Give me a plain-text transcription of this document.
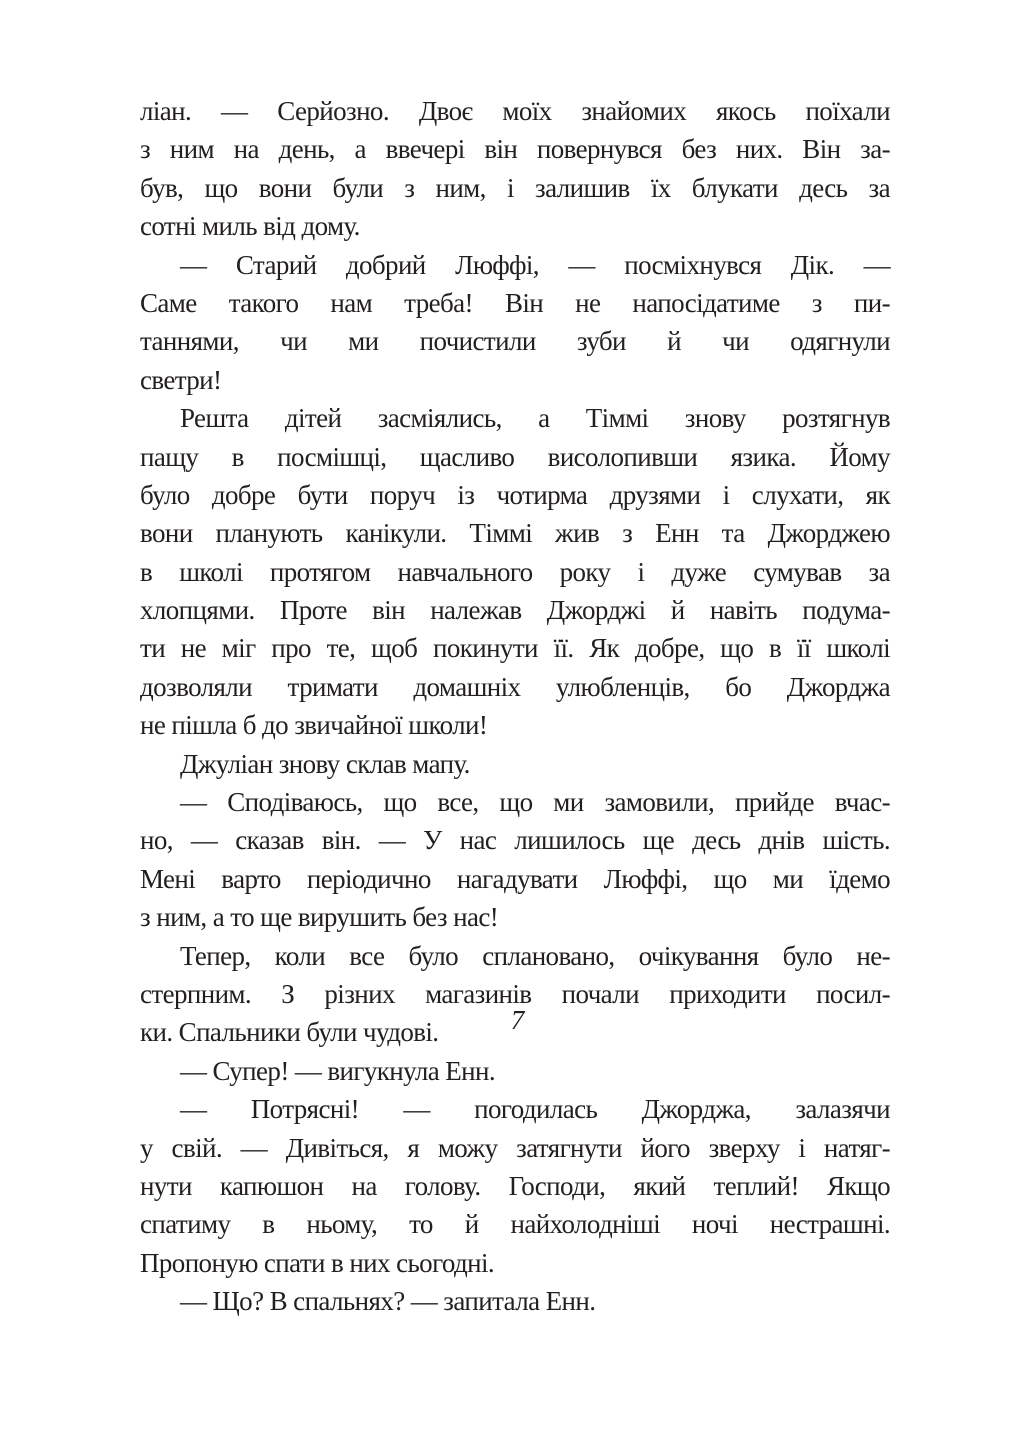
ліан. — Серйозно. Двоє моїх знайомих якось поїхали
з ним на день, а ввечері він повернувся без них. Він за-
був, що вони були з ним, і залишив їх блукати десь за
сотні миль від дому.
— Старий добрий Люффі, — посміхнувся Дік. —
Саме такого нам треба! Він не напосідатиме з пи-
таннями, чи ми почистили зуби й чи одягнули
светри!
Решта дітей засміялись, а Тіммі знову розтягнув
пащу в посмішці, щасливо висолопивши язика. Йому
було добре бути поруч із чотирма друзями і слухати, як
вони планують канікули. Тіммі жив з Енн та Джорджею
в школі протягом навчального року і дуже сумував за
хлопцями. Проте він належав Джорджі й навіть подума-
ти не міг про те, щоб покинути її. Як добре, що в її школі
дозволяли тримати домашніх улюбленців, бо Джорджа
не пішла б до звичайної школи!
Джуліан знову склав мапу.
— Сподіваюсь, що все, що ми замовили, прийде вчас-
но, — сказав він. — У нас лишилось ще десь днів шість.
Мені варто періодично нагадувати Люффі, що ми їдемо
з ним, а то ще вирушить без нас!
Тепер, коли все було сплановано, очікування було не-
стерпним. З різних магазинів почали приходити посил-
ки. Спальники були чудові.
— Супер! — вигукнула Енн.
— Потрясні! — погодилась Джорджа, залазячи
у свій. — Дивіться, я можу затягнути його зверху і натяг-
нути капюшон на голову. Господи, який теплий! Якщо
спатиму в ньому, то й найхолодніші ночі нестрашні.
Пропоную спати в них сьогодні.
— Що? В спальнях? — запитала Енн.
7
